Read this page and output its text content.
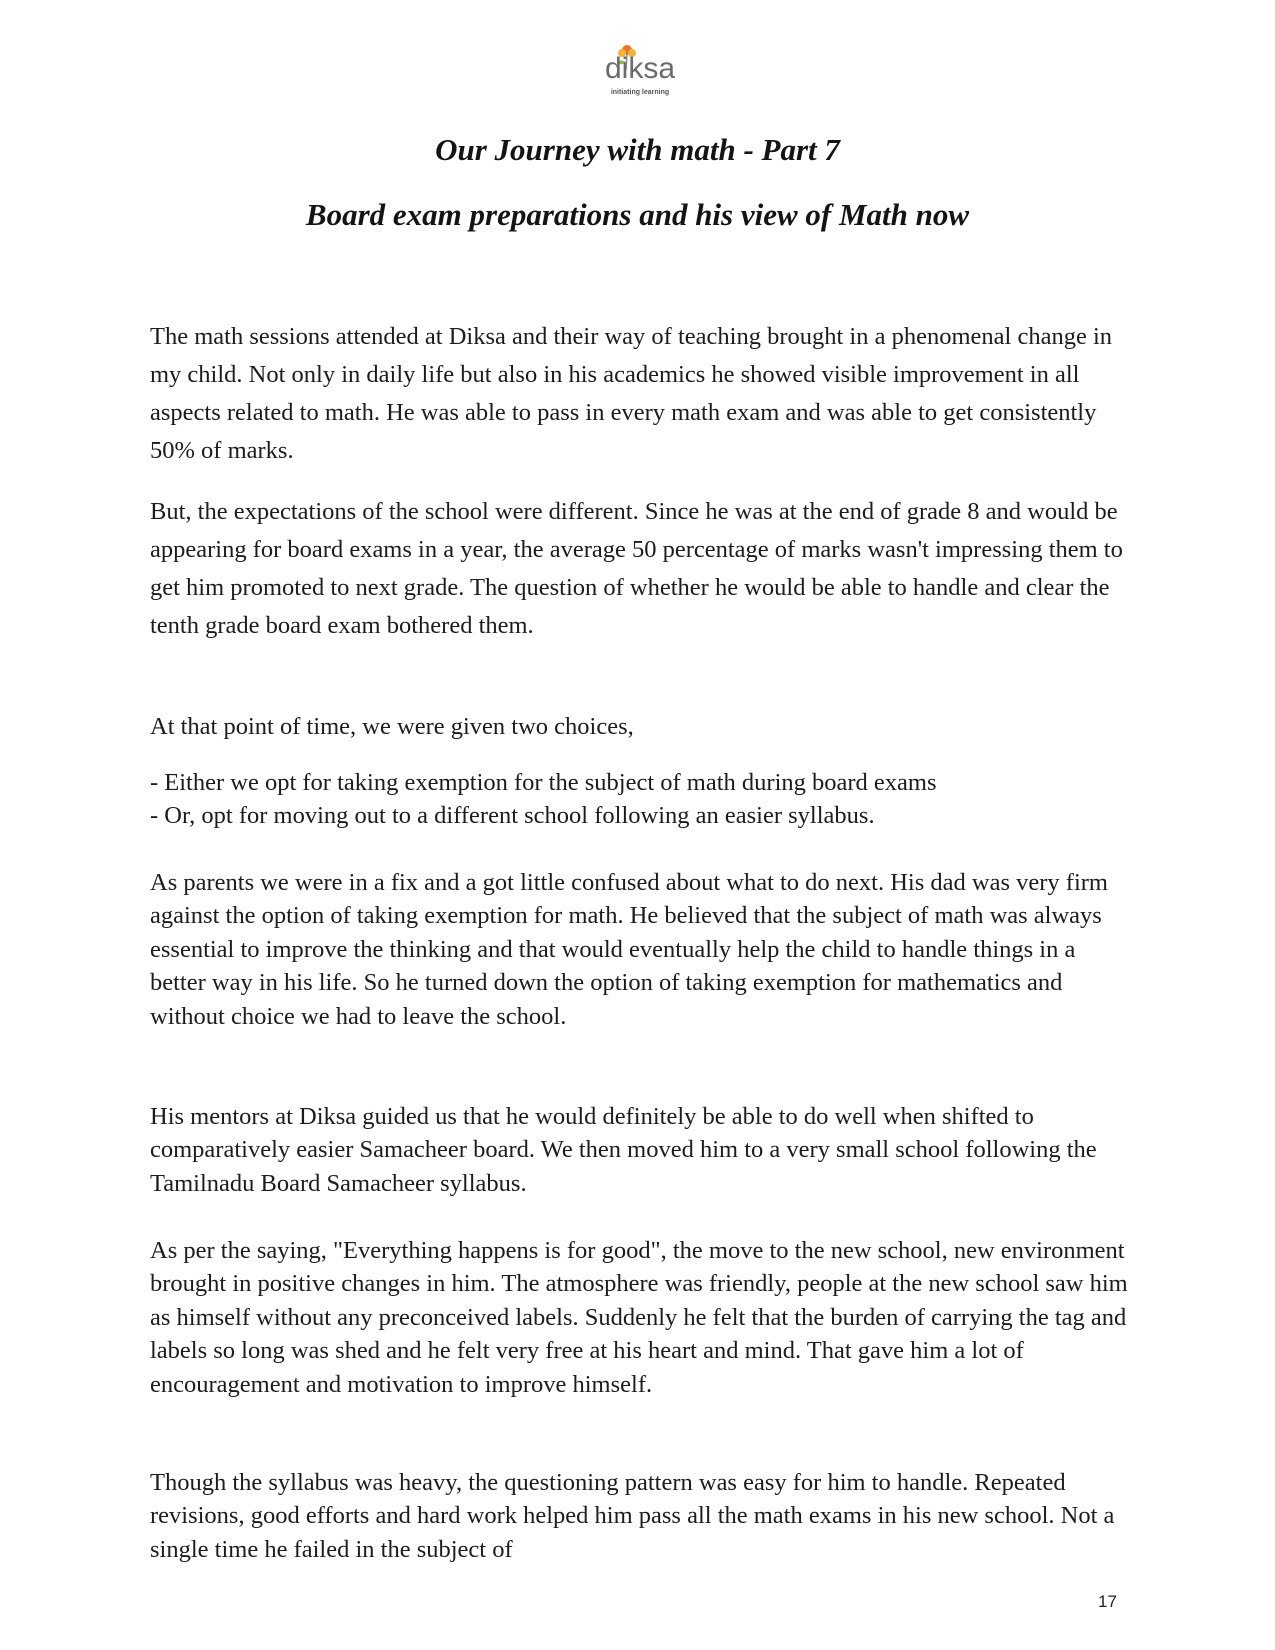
diksa
initiating learning
Our Journey with math - Part 7
Board exam preparations and his view of Math now

The math sessions attended at Diksa and their way of teaching brought in a phenomenal change in my child. Not only in daily life but also in his academics he showed visible improvement in all aspects related to math. He was able to pass in every math exam and was able to get consistently 50% of marks.

But, the expectations of the school were different. Since he was at the end of grade 8 and would be appearing for board exams in a year, the average 50 percentage of marks wasn't impressing them to get him promoted to next grade. The question of whether he would be able to handle and clear the tenth grade board exam bothered them.

At that point of time, we were given two choices,

- Either we opt for taking exemption for the subject of math during board exams
- Or, opt for moving out to a different school following an easier syllabus.

As parents we were in a fix and a got little confused about what to do next. His dad was very firm against the option of taking exemption for math. He believed that the subject of math was always essential to improve the thinking and that would eventually help the child to handle things in a better way in his life. So he turned down the option of taking exemption for mathematics and without choice we had to leave the school.

His mentors at Diksa guided us that he would definitely be able to do well when shifted to comparatively easier Samacheer board. We then moved him to a very small school following the Tamilnadu Board Samacheer syllabus.

As per the saying, "Everything happens is for good", the move to the new school, new environment brought in positive changes in him. The atmosphere was friendly, people at the new school saw him as himself without any preconceived labels. Suddenly he felt that the burden of carrying the tag and labels so long was shed and he felt very free at his heart and mind. That gave him a lot of encouragement and motivation to improve himself.

Though the syllabus was heavy, the questioning pattern was easy for him to handle. Repeated revisions, good efforts and hard work helped him pass all the math exams in his new school. Not a single time he failed in the subject of

17
